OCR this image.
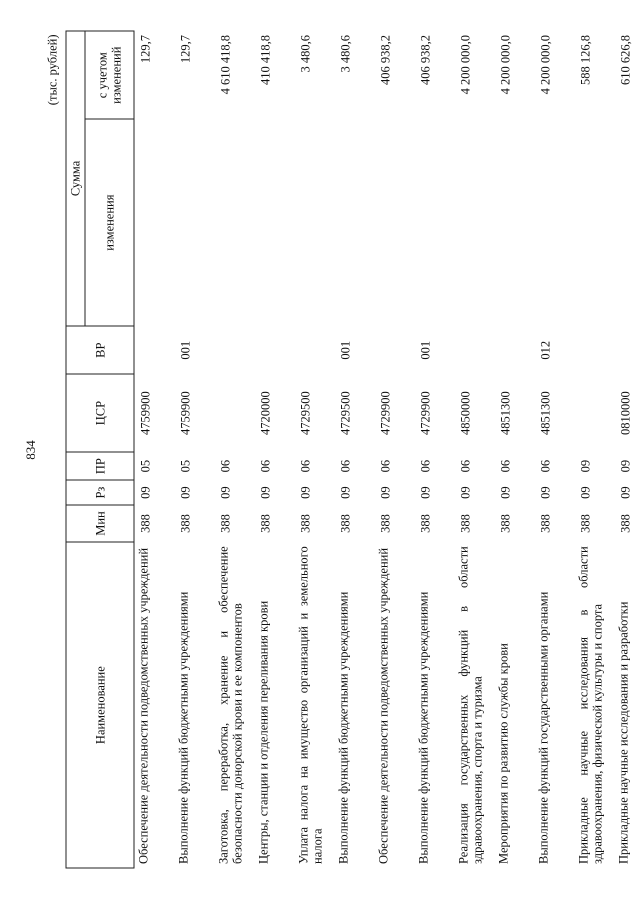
834
(тыс. рублей)
Наименование	Мин	Рз	ПР	ЦСР	ВР	Сумма	
						изменения	с учетом изменений
Обеспечение деятельности подведомственных учреждений	388	09	05	4759900			129,7
Выполнение функций бюджетными учреждениями	388	09	05	4759900	001		129,7
Заготовка, переработка, хранение и обеспечение безопасности донорской крови и ее компонентов	388	09	06				4 610 418,8
Центры, станции и отделения переливания крови	388	09	06	4720000			410 418,8
Уплата налога на имущество организаций и земельного налога	388	09	06	4729500			3 480,6
Выполнение функций бюджетными учреждениями	388	09	06	4729500	001		3 480,6
Обеспечение деятельности подведомственных учреждений	388	09	06	4729900			406 938,2
Выполнение функций бюджетными учреждениями	388	09	06	4729900	001		406 938,2
Реализация государственных функций в области здравоохранения, спорта и туризма	388	09	06	4850000			4 200 000,0
Мероприятия по развитию службы крови	388	09	06	4851300			4 200 000,0
Выполнение функций государственными органами	388	09	06	4851300	012		4 200 000,0
Прикладные научные исследования в области здравоохранения, физической культуры и спорта	388	09	09				588 126,8
Прикладные научные исследования и разработки	388	09	09	0810000			610 626,8
